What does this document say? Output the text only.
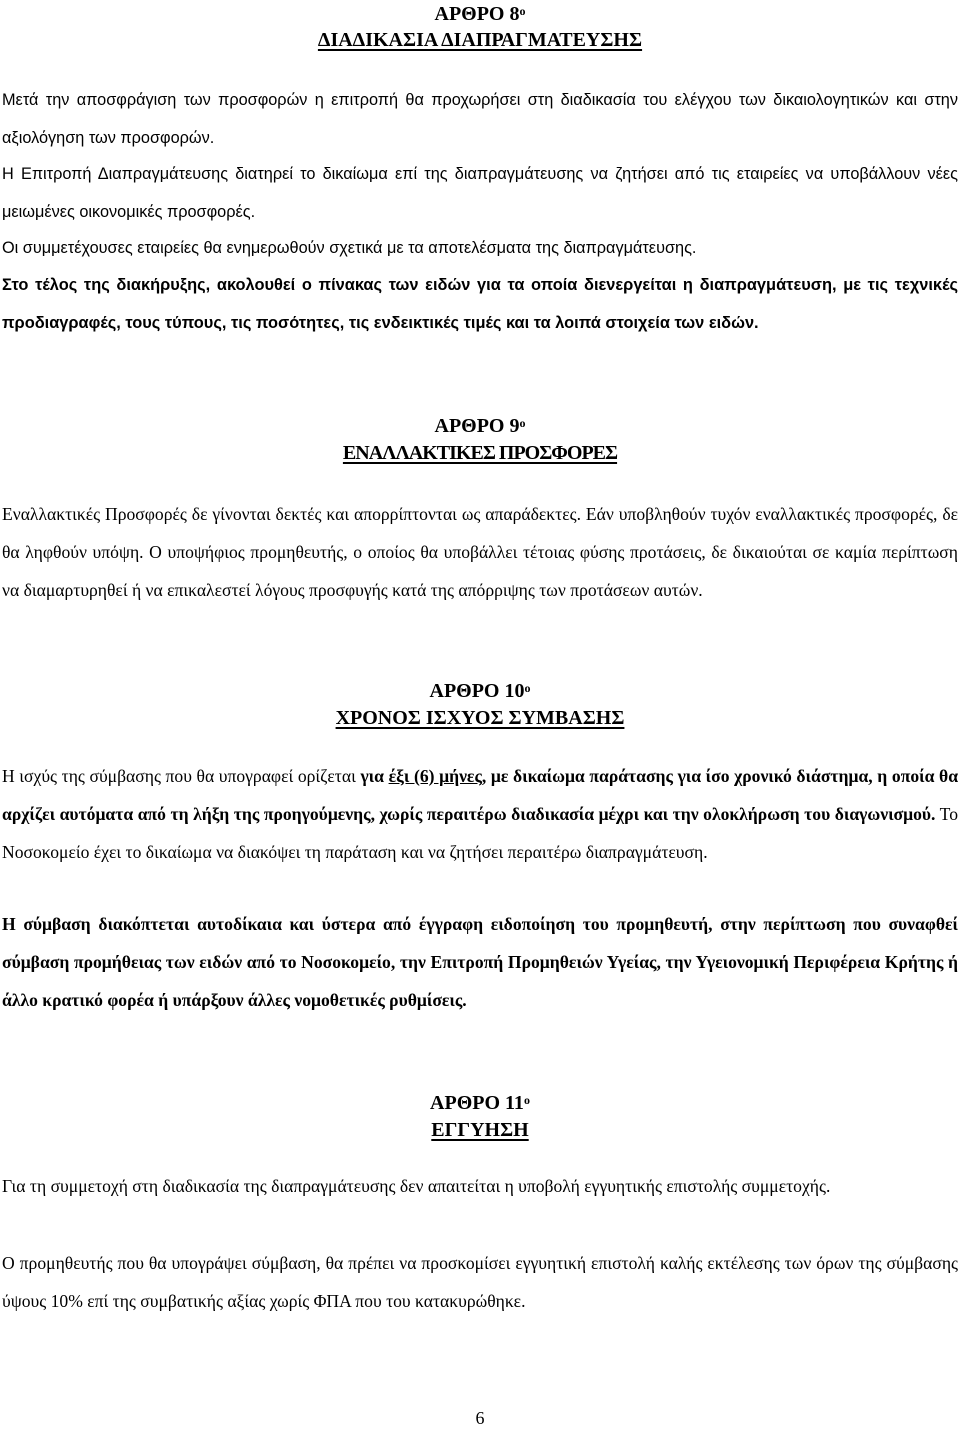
ΑΡΘΡΟ $8^o$
ΔΙΑΔΙΚΑΣΙΑ ΔΙΑΠΡΑΓΜΑΤΕΥΣΗΣ

Μετά την αποσφράγιση των προσφορών η επιτροπή θα προχωρήσει στη διαδικασία του ελέγχου των δικαιολογητικών και στην αξιολόγηση των προσφορών.

Η Επιτροπή Διαπραγμάτευσης διατηρεί το δικαίωμα επί της διαπραγμάτευσης να ζητήσει από τις εταιρείες να υποβάλλουν νέες μειωμένες οικονομικές προσφορές.

Οι συμμετέχουσες εταιρείες θα ενημερωθούν σχετικά με τα αποτελέσματα της διαπραγμάτευσης.

Στο τέλος της διακήρυξης, ακολουθεί ο πίνακας των ειδών για τα οποία διενεργείται η διαπραγμάτευση, με τις τεχνικές προδιαγραφές, τους τύπους, τις ποσότητες, τις ενδεικτικές τιμές και τα λοιπά στοιχεία των ειδών.

ΑΡΘΡΟ $9^o$
ΕΝΑΛΛΑΚΤΙΚΕΣ ΠΡΟΣΦΟΡΕΣ

Εναλλακτικές Προσφορές δε γίνονται δεκτές και απορρίπτονται ως απαράδεκτες. Εάν υποβληθούν τυχόν εναλλακτικές προσφορές, δε θα ληφθούν υπόψη. Ο υποψήφιος προμηθευτής, ο οποίος θα υποβάλλει τέτοιας φύσης προτάσεις, δε δικαιούται σε καμία περίπτωση να διαμαρτυρηθεί ή να επικαλεστεί λόγους προσφυγής κατά της απόρριψης των προτάσεων αυτών.

ΑΡΘΡΟ $10^o$
ΧΡΟΝΟΣ ΙΣΧΥΟΣ ΣΥΜΒΑΣΗΣ

Η ισχύς της σύμβασης που θα υπογραφεί ορίζεται για έξι (6) μήνες, με δικαίωμα παράτασης για ίσο χρονικό διάστημα, η οποία θα αρχίζει αυτόματα από τη λήξη της προηγούμενης, χωρίς περαιτέρω διαδικασία μέχρι και την ολοκλήρωση του διαγωνισμού. Το Νοσοκομείο έχει το δικαίωμα να διακόψει τη παράταση και να ζητήσει περαιτέρω διαπραγμάτευση.

Η σύμβαση διακόπτεται αυτοδίκαια και ύστερα από έγγραφη ειδοποίηση του προμηθευτή, στην περίπτωση που συναφθεί σύμβαση προμήθειας των ειδών από το Νοσοκομείο, την Επιτροπή Προμηθειών Υγείας, την Υγειονομική Περιφέρεια Κρήτης ή άλλο κρατικό φορέα ή υπάρξουν άλλες νομοθετικές ρυθμίσεις.

ΑΡΘΡΟ $11^o$
ΕΓΓΥΗΣΗ

Για τη συμμετοχή στη διαδικασία της διαπραγμάτευσης δεν απαιτείται η υποβολή εγγυητικής επιστολής συμμετοχής.

Ο προμηθευτής που θα υπογράψει σύμβαση, θα πρέπει να προσκομίσει εγγυητική επιστολή καλής εκτέλεσης των όρων της σύμβασης ύψους 10% επί της συμβατικής αξίας χωρίς ΦΠΑ που του κατακυρώθηκε.

6
